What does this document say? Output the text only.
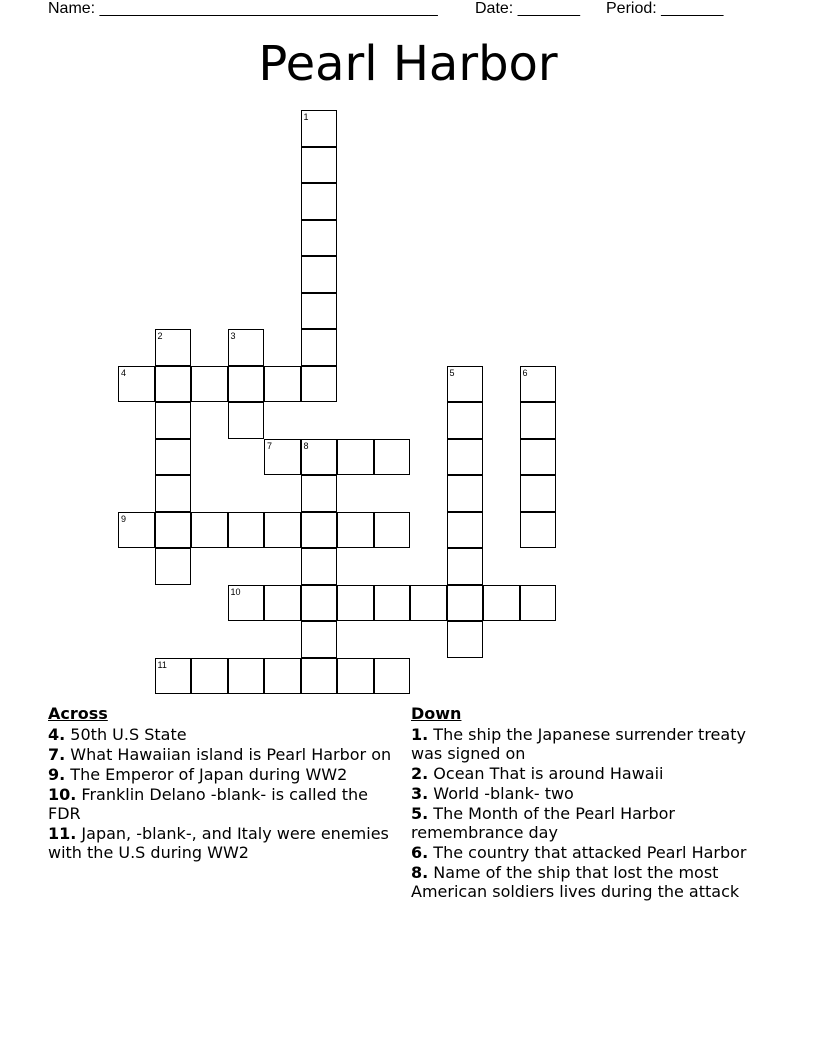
Name: ______________________________________ Date: _______ Period: _______
Pearl Harbor
1
2	3
4	5	6
7	8
9
10
11
Across
4. 50th U.S State
7. What Hawaiian island is Pearl Harbor on
9. The Emperor of Japan during WW2
10. Franklin Delano -blank- is called the FDR
11. Japan, -blank-, and Italy were enemies with the U.S during WW2
Down
1. The ship the Japanese surrender treaty was signed on
2. Ocean That is around Hawaii
3. World -blank- two
5. The Month of the Pearl Harbor remembrance day
6. The country that attacked Pearl Harbor
8. Name of the ship that lost the most American soldiers lives during the attack
